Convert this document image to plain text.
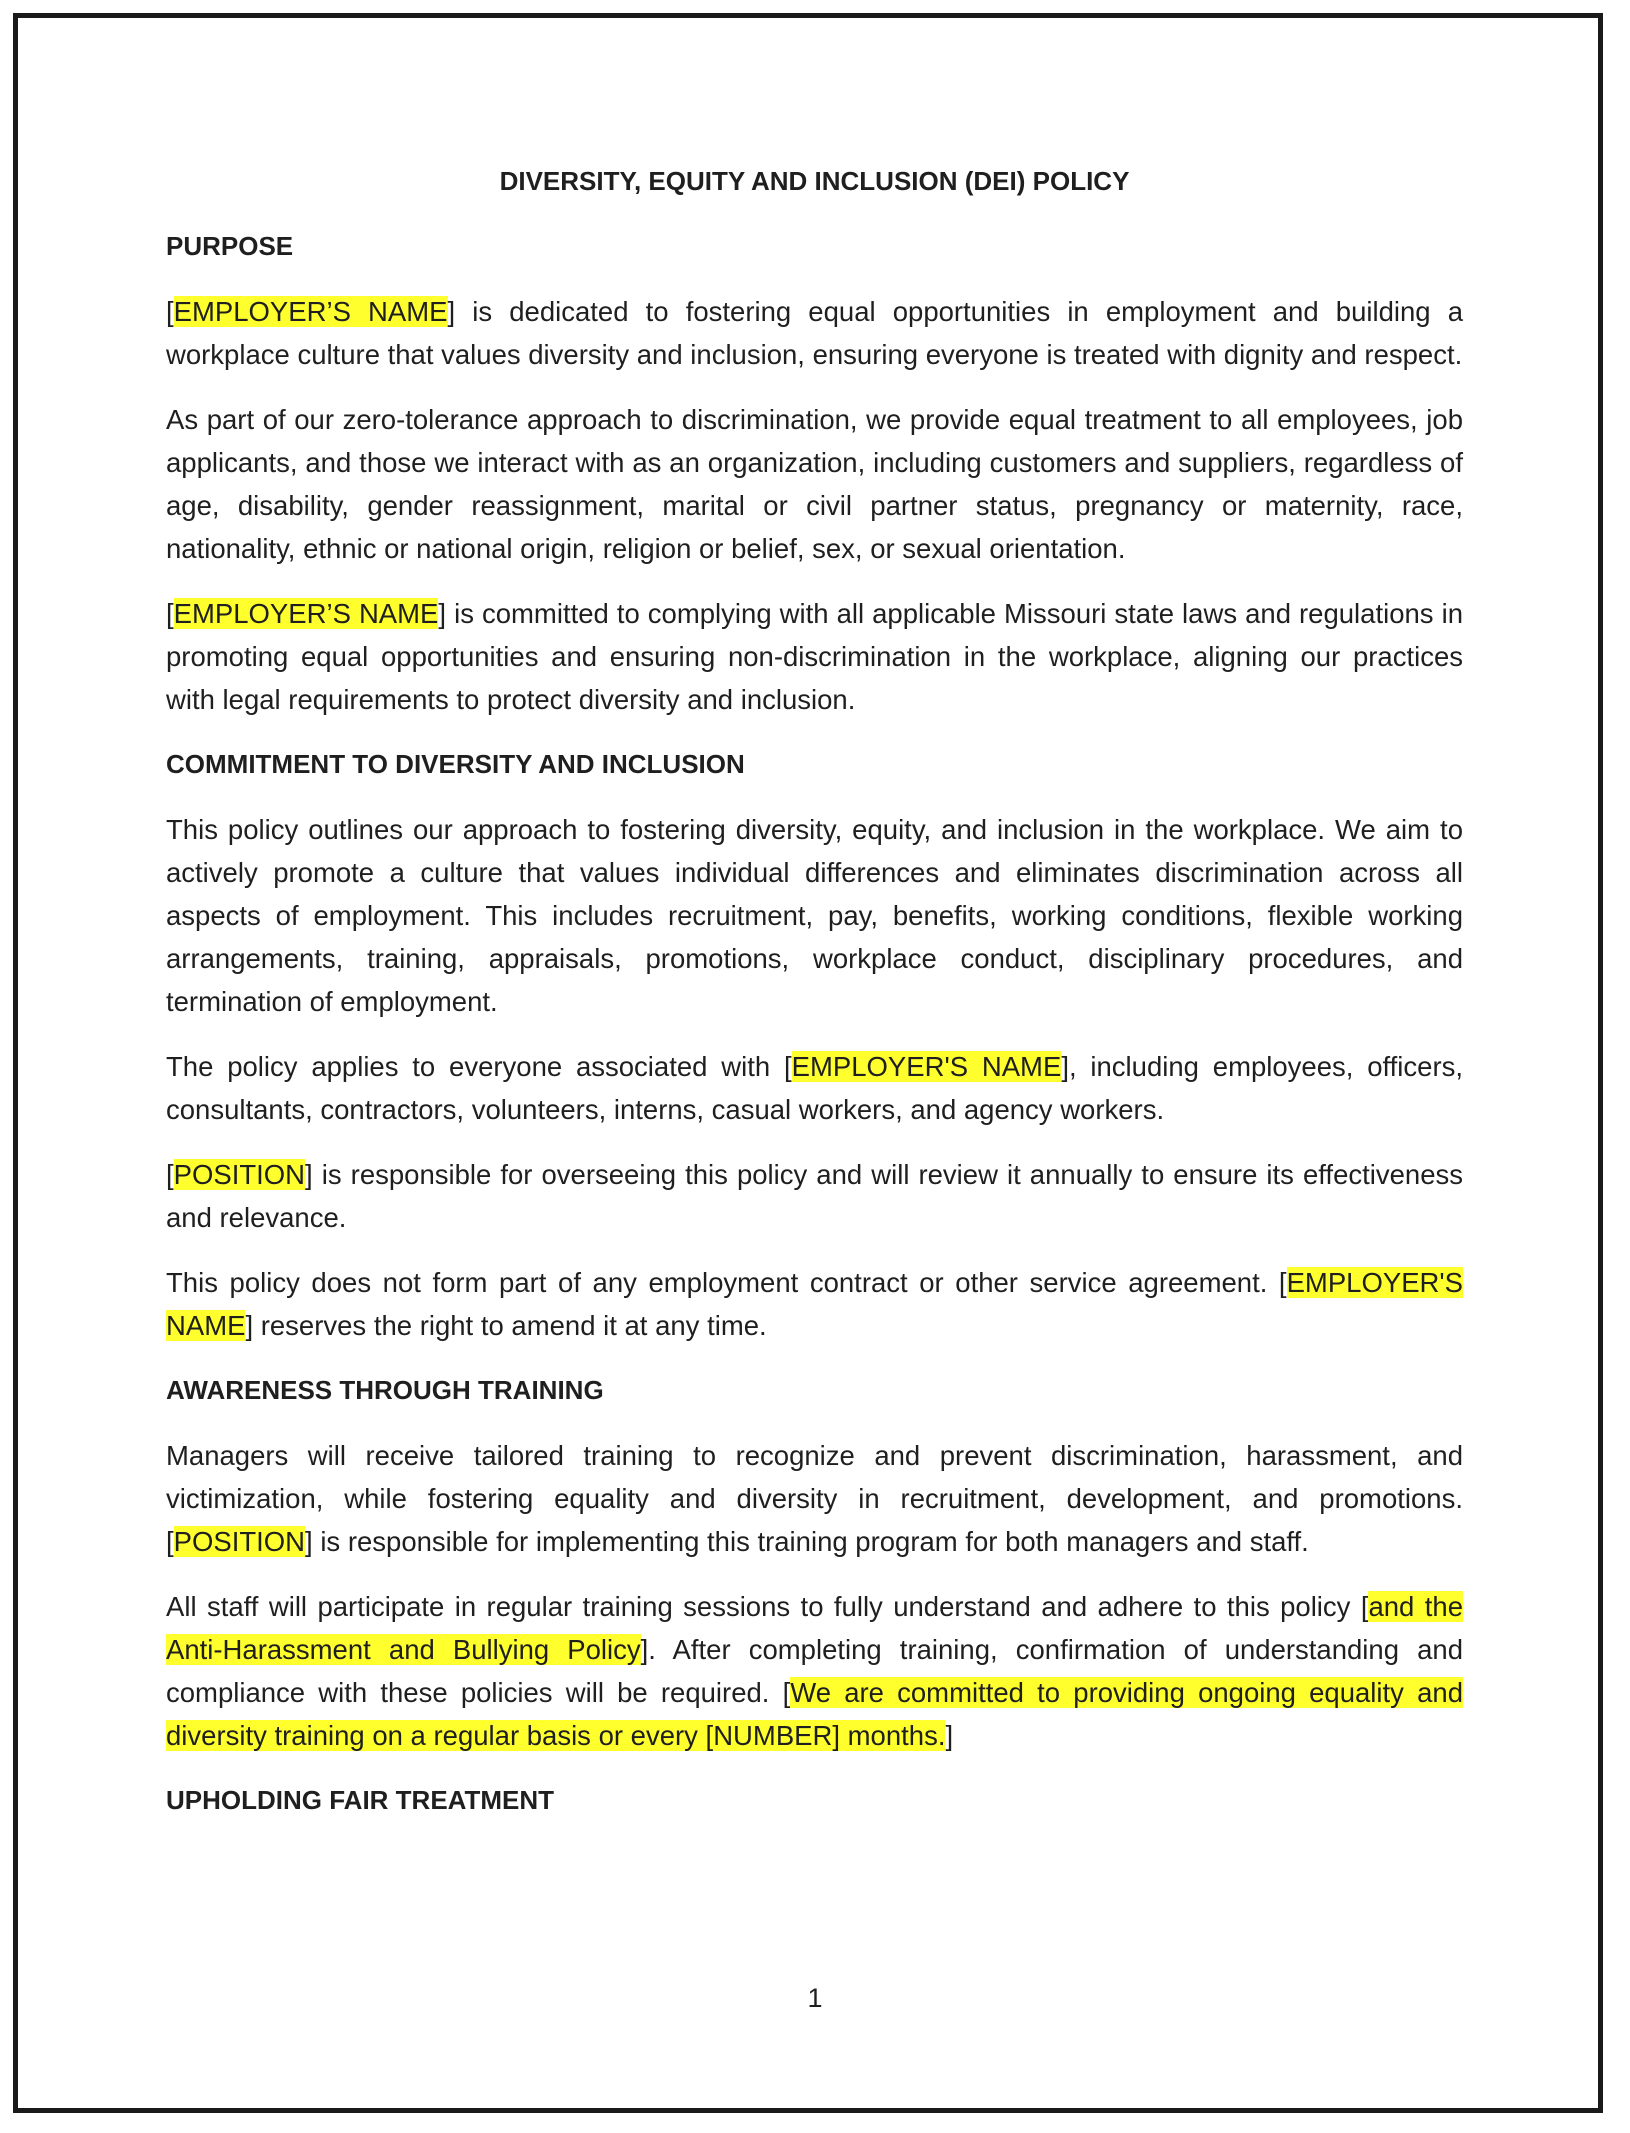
DIVERSITY, EQUITY AND INCLUSION (DEI) POLICY
PURPOSE

[EMPLOYER’S NAME] is dedicated to fostering equal opportunities in employment and building a workplace culture that values diversity and inclusion, ensuring everyone is treated with dignity and respect.

As part of our zero-tolerance approach to discrimination, we provide equal treatment to all employees, job applicants, and those we interact with as an organization, including customers and suppliers, regardless of age, disability, gender reassignment, marital or civil partner status, pregnancy or maternity, race, nationality, ethnic or national origin, religion or belief, sex, or sexual orientation.

[EMPLOYER’S NAME] is committed to complying with all applicable Missouri state laws and regulations in promoting equal opportunities and ensuring non-discrimination in the workplace, aligning our practices with legal requirements to protect diversity and inclusion.

COMMITMENT TO DIVERSITY AND INCLUSION

This policy outlines our approach to fostering diversity, equity, and inclusion in the workplace. We aim to actively promote a culture that values individual differences and eliminates discrimination across all aspects of employment. This includes recruitment, pay, benefits, working conditions, flexible working arrangements, training, appraisals, promotions, workplace conduct, disciplinary procedures, and termination of employment.

The policy applies to everyone associated with [EMPLOYER'S NAME], including employees, officers, consultants, contractors, volunteers, interns, casual workers, and agency workers.

[POSITION] is responsible for overseeing this policy and will review it annually to ensure its effectiveness and relevance.

This policy does not form part of any employment contract or other service agreement. [EMPLOYER'S NAME] reserves the right to amend it at any time.

AWARENESS THROUGH TRAINING

Managers will receive tailored training to recognize and prevent discrimination, harassment, and victimization, while fostering equality and diversity in recruitment, development, and promotions. [POSITION] is responsible for implementing this training program for both managers and staff.

All staff will participate in regular training sessions to fully understand and adhere to this policy [and the Anti-Harassment and Bullying Policy]. After completing training, confirmation of understanding and compliance with these policies will be required. [We are committed to providing ongoing equality and diversity training on a regular basis or every [NUMBER] months.]

UPHOLDING FAIR TREATMENT
1
